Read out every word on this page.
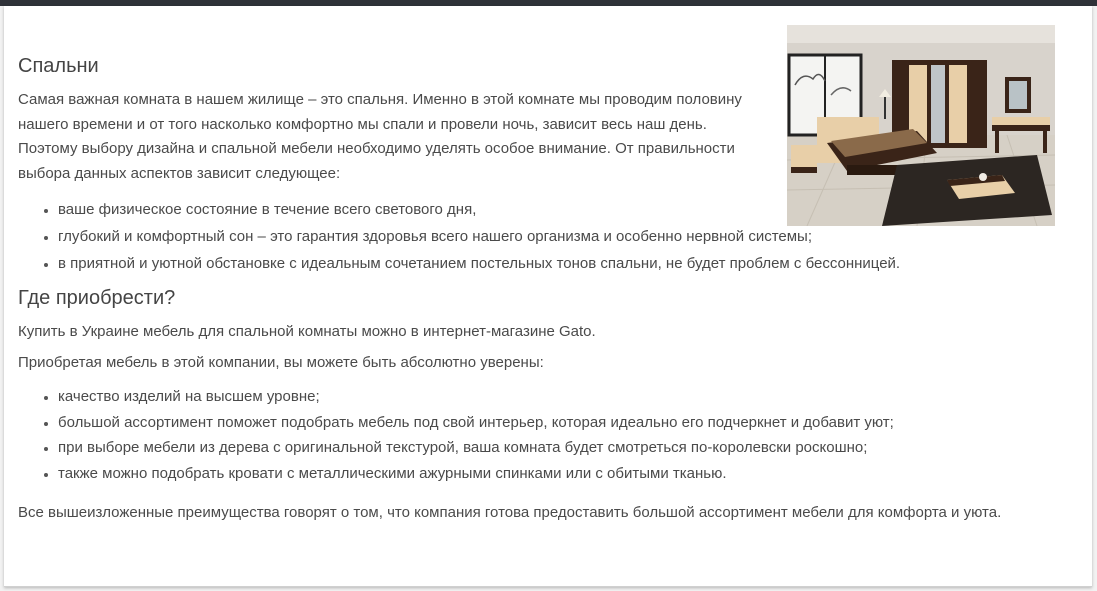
Спальни

Самая важная комната в нашем жилище – это спальня. Именно в этой комнате мы проводим половину нашего времени и от того насколько комфортно мы спали и провели ночь, зависит весь наш день. Поэтому выбору дизайна и спальной мебели необходимо уделять особое внимание. От правильности выбора данных аспектов зависит следующее:

ваше физическое состояние в течение всего светового дня,
глубокий и комфортный сон – это гарантия здоровья всего нашего организма и особенно нервной системы;
в приятной и уютной обстановке с идеальным сочетанием постельных тонов спальни, не будет проблем с бессонницей.
Где приобрести?

Купить в Украине мебель для спальной комнаты можно в интернет-магазине Gato.

Приобретая мебель в этой компании, вы можете быть абсолютно уверены:

качество изделий на высшем уровне;
большой ассортимент поможет подобрать мебель под свой интерьер, которая идеально его подчеркнет и добавит уют;
при выборе мебели из дерева с оригинальной текстурой, ваша комната будет смотреться по-королевски роскошно;
также можно подобрать кровати с металлическими ажурными спинками или с обитыми тканью.

Все вышеизложенные преимущества говорят о том, что компания готова предоставить большой ассортимент мебели для комфорта и уюта.
